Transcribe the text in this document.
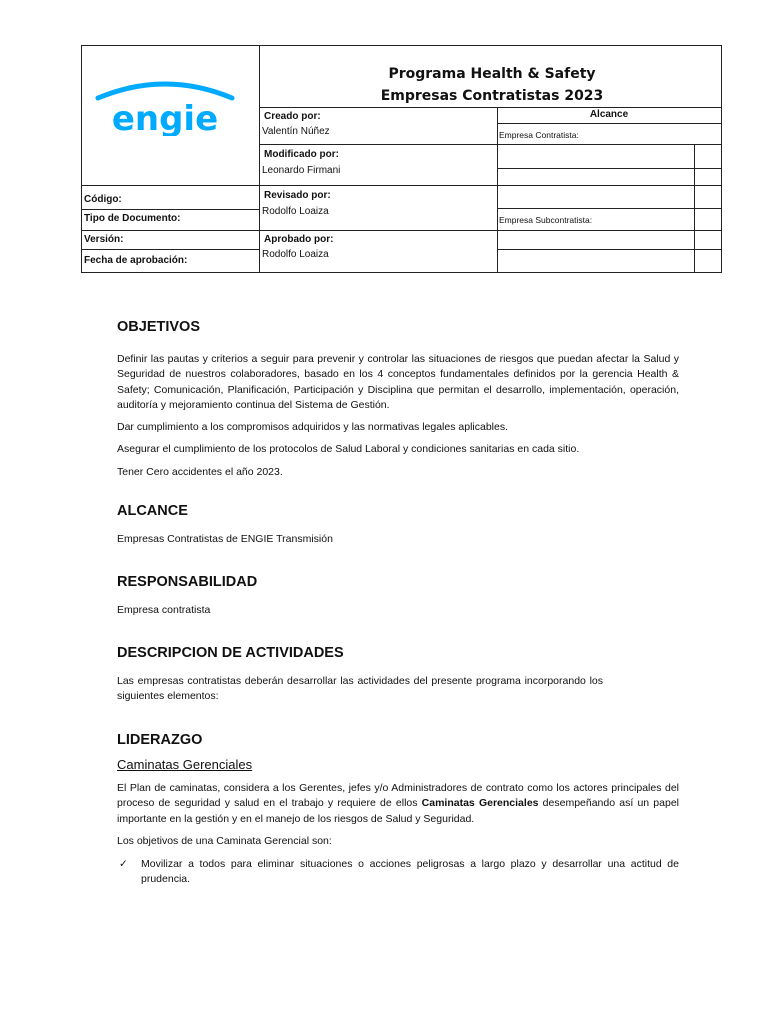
engie
Programa Health & Safety
Empresas Contratistas 2023
Creado por:
Valentín Núñez
Modificado por:
Leonardo Firmani
Revisado por:
Rodolfo Loaiza
Aprobado por:
Rodolfo Loaiza
Código:
Tipo de Documento:
Versión:
Fecha de aprobación:
Alcance
Empresa Contratista:
Empresa Subcontratista:
OBJETIVOS

Definir las pautas y criterios a seguir para prevenir y controlar las situaciones de riesgos que puedan afectar la Salud y Seguridad de nuestros colaboradores, basado en los 4 conceptos fundamentales definidos por la gerencia Health & Safety; Comunicación, Planificación, Participación y Disciplina que permitan el desarrollo, implementación, operación, auditoría y mejoramiento continua del Sistema de Gestión.

Dar cumplimiento a los compromisos adquiridos y las normativas legales aplicables.

Asegurar el cumplimiento de los protocolos de Salud Laboral y condiciones sanitarias en cada sitio.

Tener Cero accidentes el año 2023.

ALCANCE

Empresas Contratistas de ENGIE Transmisión

RESPONSABILIDAD

Empresa contratista

DESCRIPCION DE ACTIVIDADES

Las empresas contratistas deberán desarrollar las actividades del presente programa incorporando los siguientes elementos:

LIDERAZGO
Caminatas Gerenciales

El Plan de caminatas, considera a los Gerentes, jefes y/o Administradores de contrato como los actores principales del proceso de seguridad y salud en el trabajo y requiere de ellos Caminatas Gerenciales desempeñando así un papel importante en la gestión y en el manejo de los riesgos de Salud y Seguridad.

Los objetivos de una Caminata Gerencial son:

✓ Movilizar a todos para eliminar situaciones o acciones peligrosas a largo plazo y desarrollar una actitud de prudencia.
